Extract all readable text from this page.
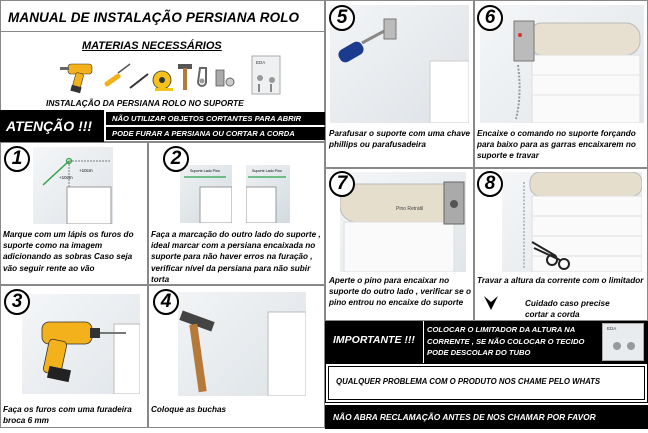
MANUAL DE INSTALAÇÃO PERSIANA ROLO
MATERIAS NECESSÁRIOS
EDA
INSTALAÇÃO DA PERSIANA ROLO NO SUPORTE
ATENÇÃO !!!	NÃO UTILIZAR OBJETOS CORTANTES PARA ABRIR
PODE FURAR A PERSIANA OU CORTAR A CORDA
+10cm
+10cm
1
Marque com um lápis os furos do suporte como na imagem adicionando as sobras Caso seja vão seguir rente ao vão
Suporte Lado Pino	Suporte Lado Pino
2
Faça a marcação do outro lado do suporte , ideal marcar com a persiana encaixada no suporte para não haver erros na furação , verificar nível da persiana para não subir torta
3
Faça os furos com uma furadeira broca 6 mm
4
Coloque as buchas
5
Parafusar o suporte com uma chave phillips ou parafusadeira
6
Encaixe o comando no suporte forçando para baixo para as garras encaixarem no suporte e travar
Pino Retrátil
7
Aperte o pino para encaixar no suporte do outro lado , verificar se o pino entrou no encaixe do suporte
8
Travar a altura da corrente com o limitador
Cuidado caso precise cortar a corda
IMPORTANTE !!!
COLOCAR O LIMITADOR DA ALTURA NA CORRENTE , SE NÃO COLOCAR O TECIDO PODE DESCOLAR DO TUBO
EDA
QUALQUER PROBLEMA COM O PRODUTO NOS CHAME PELO WHATS
NÃO ABRA RECLAMAÇÃO ANTES DE NOS CHAMAR POR FAVOR
